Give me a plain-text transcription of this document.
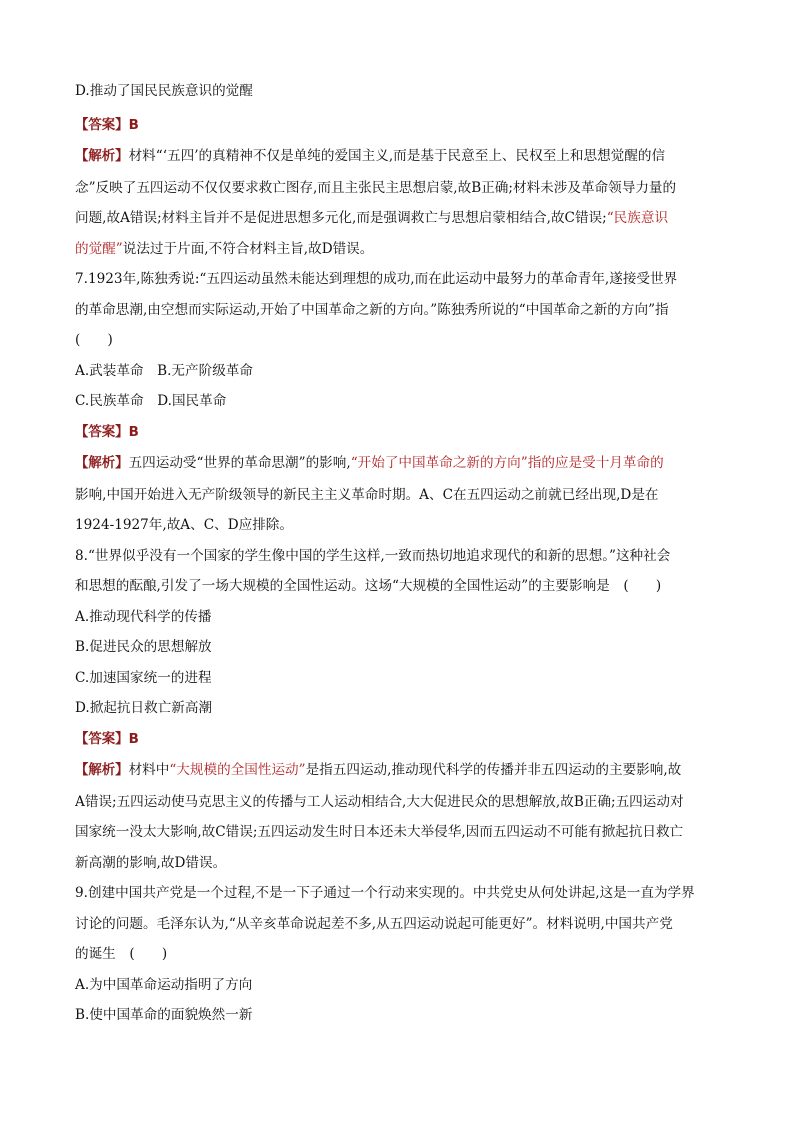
D.推动了国民民族意识的觉醒
【答案】B
【解析】材料“‘五四’的真精神不仅是单纯的爱国主义,而是基于民意至上、民权至上和思想觉醒的信
念”反映了五四运动不仅仅要求救亡图存,而且主张民主思想启蒙,故B正确;材料未涉及革命领导力量的
问题,故A错误;材料主旨并不是促进思想多元化,而是强调救亡与思想启蒙相结合,故C错误;“民族意识
的觉醒”说法过于片面,不符合材料主旨,故D错误。
7.1923年,陈独秀说:“五四运动虽然未能达到理想的成功,而在此运动中最努力的革命青年,遂接受世界
的革命思潮,由空想而实际运动,开始了中国革命之新的方向。”陈独秀所说的“中国革命之新的方向”指
(　　)
A.武装革命　B.无产阶级革命
C.民族革命　D.国民革命
【答案】B
【解析】五四运动受“世界的革命思潮”的影响,“开始了中国革命之新的方向”指的应是受十月革命的
影响,中国开始进入无产阶级领导的新民主主义革命时期。A、C在五四运动之前就已经出现,D是在
1924-1927年,故A、C、D应排除。
8.“世界似乎没有一个国家的学生像中国的学生这样,一致而热切地追求现代的和新的思想。”这种社会
和思想的酝酿,引发了一场大规模的全国性运动。这场“大规模的全国性运动”的主要影响是　(　　)
A.推动现代科学的传播
B.促进民众的思想解放
C.加速国家统一的进程
D.掀起抗日救亡新高潮
【答案】B
【解析】材料中“大规模的全国性运动”是指五四运动,推动现代科学的传播并非五四运动的主要影响,故
A错误;五四运动使马克思主义的传播与工人运动相结合,大大促进民众的思想解放,故B正确;五四运动对
国家统一没太大影响,故C错误;五四运动发生时日本还未大举侵华,因而五四运动不可能有掀起抗日救亡
新高潮的影响,故D错误。
9.创建中国共产党是一个过程,不是一下子通过一个行动来实现的。中共党史从何处讲起,这是一直为学界
讨论的问题。毛泽东认为,“从辛亥革命说起差不多,从五四运动说起可能更好”。材料说明,中国共产党
的诞生　(　　)
A.为中国革命运动指明了方向
B.使中国革命的面貌焕然一新
